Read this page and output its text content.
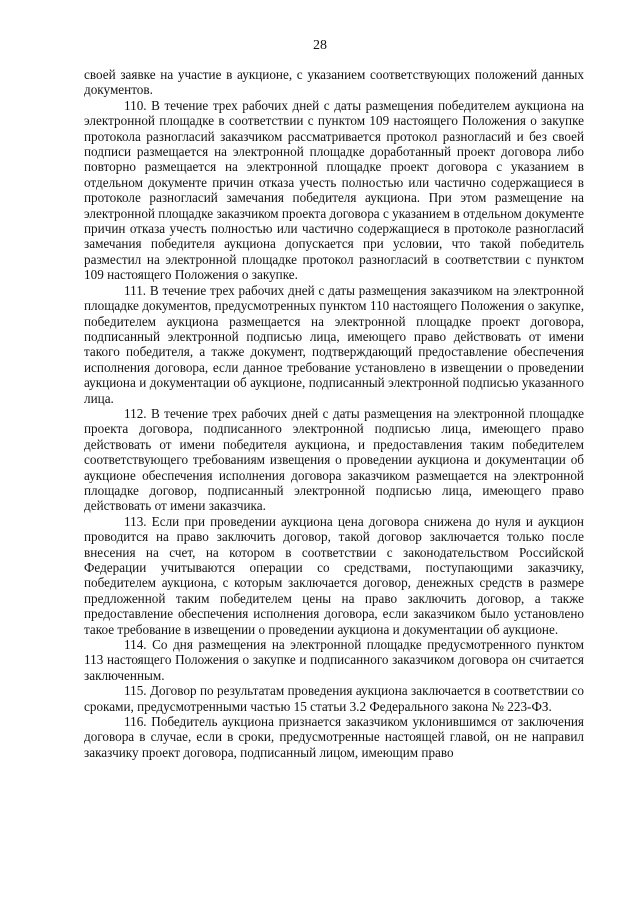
28

своей заявке на участие в аукционе, с указанием соответствующих положений данных документов.

110. В течение трех рабочих дней с даты размещения победителем аукциона на электронной площадке в соответствии с пунктом 109 настоящего Положения о закупке протокола разногласий заказчиком рассматривается протокол разногласий и без своей подписи размещается на электронной площадке доработанный проект договора либо повторно размещается на электронной площадке проект договора с указанием в отдельном документе причин отказа учесть полностью или частично содержащиеся в протоколе разногласий замечания победителя аукциона. При этом размещение на электронной площадке заказчиком проекта договора с указанием в отдельном документе причин отказа учесть полностью или частично содержащиеся в протоколе разногласий замечания победителя аукциона допускается при условии, что такой победитель разместил на электронной площадке протокол разногласий в соответствии с пунктом 109 настоящего Положения о закупке.

111. В течение трех рабочих дней с даты размещения заказчиком на электронной площадке документов, предусмотренных пунктом 110 настоящего Положения о закупке, победителем аукциона размещается на электронной площадке проект договора, подписанный электронной подписью лица, имеющего право действовать от имени такого победителя, а также документ, подтверждающий предоставление обеспечения исполнения договора, если данное требование установлено в извещении о проведении аукциона и документации об аукционе, подписанный электронной подписью указанного лица.

112. В течение трех рабочих дней с даты размещения на электронной площадке проекта договора, подписанного электронной подписью лица, имеющего право действовать от имени победителя аукциона, и предоставления таким победителем соответствующего требованиям извещения о проведении аукциона и документации об аукционе обеспечения исполнения договора заказчиком размещается на электронной площадке договор, подписанный электронной подписью лица, имеющего право действовать от имени заказчика.

113. Если при проведении аукциона цена договора снижена до нуля и аукцион проводится на право заключить договор, такой договор заключается только после внесения на счет, на котором в соответствии с законодательством Российской Федерации учитываются операции со средствами, поступающими заказчику, победителем аукциона, с которым заключается договор, денежных средств в размере предложенной таким победителем цены на право заключить договор, а также предоставление обеспечения исполнения договора, если заказчиком было установлено такое требование в извещении о проведении аукциона и документации об аукционе.

114. Со дня размещения на электронной площадке предусмотренного пунктом 113 настоящего Положения о закупке и подписанного заказчиком договора он считается заключенным.

115. Договор по результатам проведения аукциона заключается в соответствии со сроками, предусмотренными частью 15 статьи 3.2 Федерального закона № 223-ФЗ.

116. Победитель аукциона признается заказчиком уклонившимся от заключения договора в случае, если в сроки, предусмотренные настоящей главой, он не направил заказчику проект договора, подписанный лицом, имеющим право
